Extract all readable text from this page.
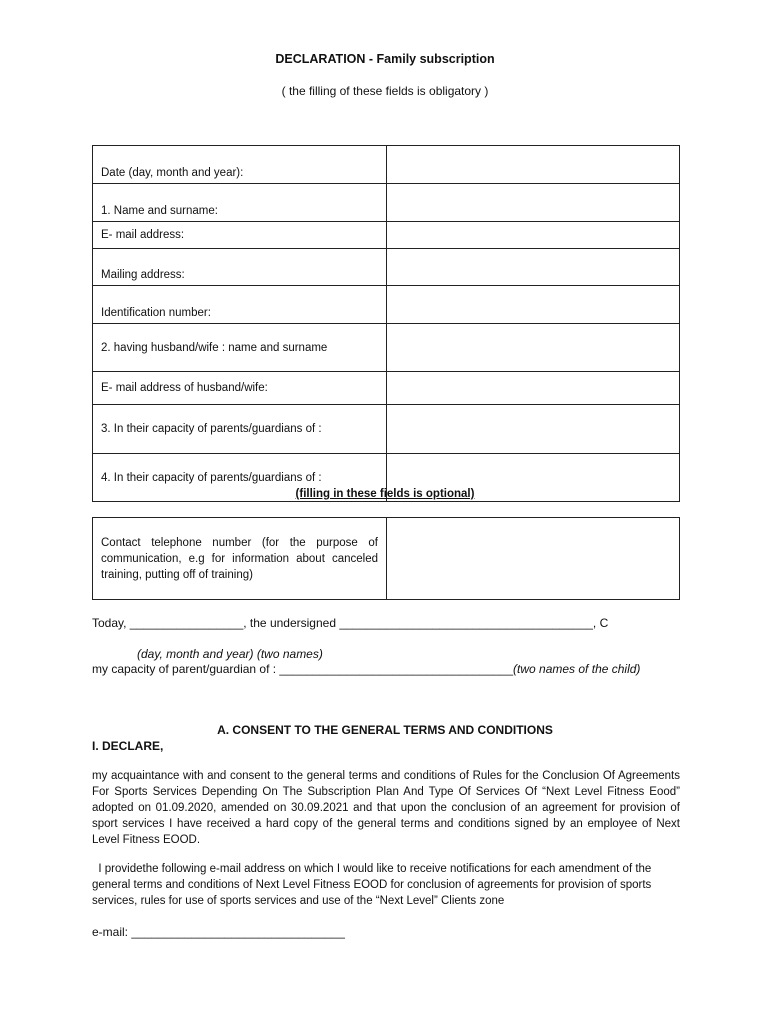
DECLARATION - Family subscription
( the filling of these fields is obligatory )
Date (day, month and year):	
1. Name and surname:	
E- mail address:	
Mailing address:	
Identification number:	
2. having husband/wife : name and surname	
E- mail address of husband/wife:	
3. In their capacity of parents/guardians of :	
4. In their capacity of parents/guardians of :	
(filling in these fields is optional)
Contact telephone number (for the purpose of communication, e.g for information about canceled training, putting off of training)	
Today, _________________, the undersigned ______________________________________, C
(day, month and year) (two names)
my capacity of parent/guardian of : ___________________________________(two names of the child)
A. CONSENT TO THE GENERAL TERMS AND CONDITIONS
I. DECLARE,
my acquaintance with and consent to the general terms and conditions of Rules for the Conclusion Of Agreements For Sports Services Depending On The Subscription Plan And Type Of Services Of “Next Level Fitness Eood” adopted on 01.09.2020, amended on 30.09.2021 and that upon the conclusion of an agreement for provision of sport services I have received a hard copy of the general terms and conditions signed by an employee of Next Level Fitness EOOD.
I providethe following e-mail address on which I would like to receive notifications for each amendment of the general terms and conditions of Next Level Fitness EOOD for conclusion of agreements for provision of sports services, rules for use of sports services and use of the “Next Level” Clients zone
e-mail: ________________________________
